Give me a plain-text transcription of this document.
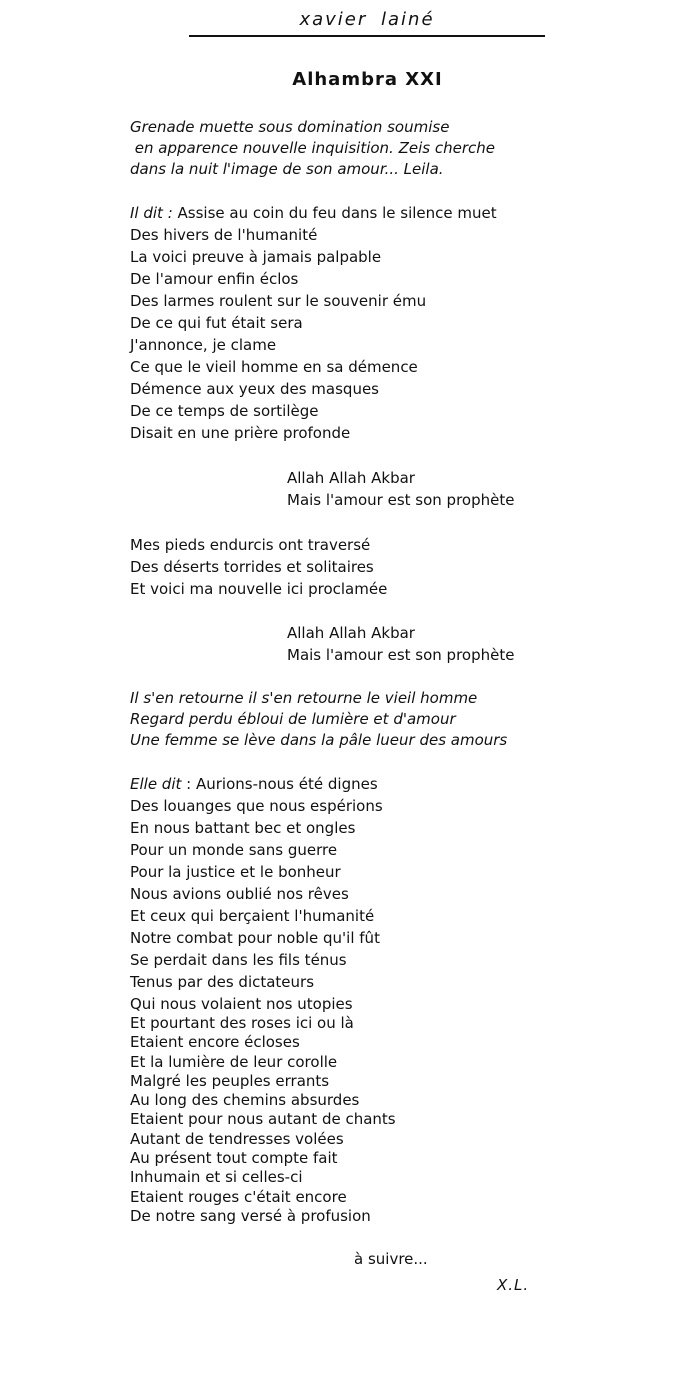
xavier lainé
Alhambra XXI
Grenade muette sous domination soumise
en apparence nouvelle inquisition. Zeis cherche
dans la nuit l'image de son amour... Leila.
Il dit : Assise au coin du feu dans le silence muet
Des hivers de l'humanité
La voici preuve à jamais palpable
De l'amour enfin éclos
Des larmes roulent sur le souvenir ému
De ce qui fut était sera
J'annonce, je clame
Ce que le vieil homme en sa démence
Démence aux yeux des masques
De ce temps de sortilège
Disait en une prière profonde
Allah Allah Akbar
Mais l'amour est son prophète
Mes pieds endurcis ont traversé
Des déserts torrides et solitaires
Et voici ma nouvelle ici proclamée
Allah Allah Akbar
Mais l'amour est son prophète
Il s'en retourne il s'en retourne le vieil homme
Regard perdu ébloui de lumière et d'amour
Une femme se lève dans la pâle lueur des amours
Elle dit : Aurions-nous été dignes
Des louanges que nous espérions
En nous battant bec et ongles
Pour un monde sans guerre
Pour la justice et le bonheur
Nous avions oublié nos rêves
Et ceux qui berçaient l'humanité
Notre combat pour noble qu'il fût
Se perdait dans les fils ténus
Tenus par des dictateurs
Qui nous volaient nos utopies
Et pourtant des roses ici ou là
Etaient encore écloses
Et la lumière de leur corolle
Malgré les peuples errants
Au long des chemins absurdes
Etaient pour nous autant de chants
Autant de tendresses volées
Au présent tout compte fait
Inhumain et si celles-ci
Etaient rouges c'était encore
De notre sang versé à profusion
à suivre...
X.L.
